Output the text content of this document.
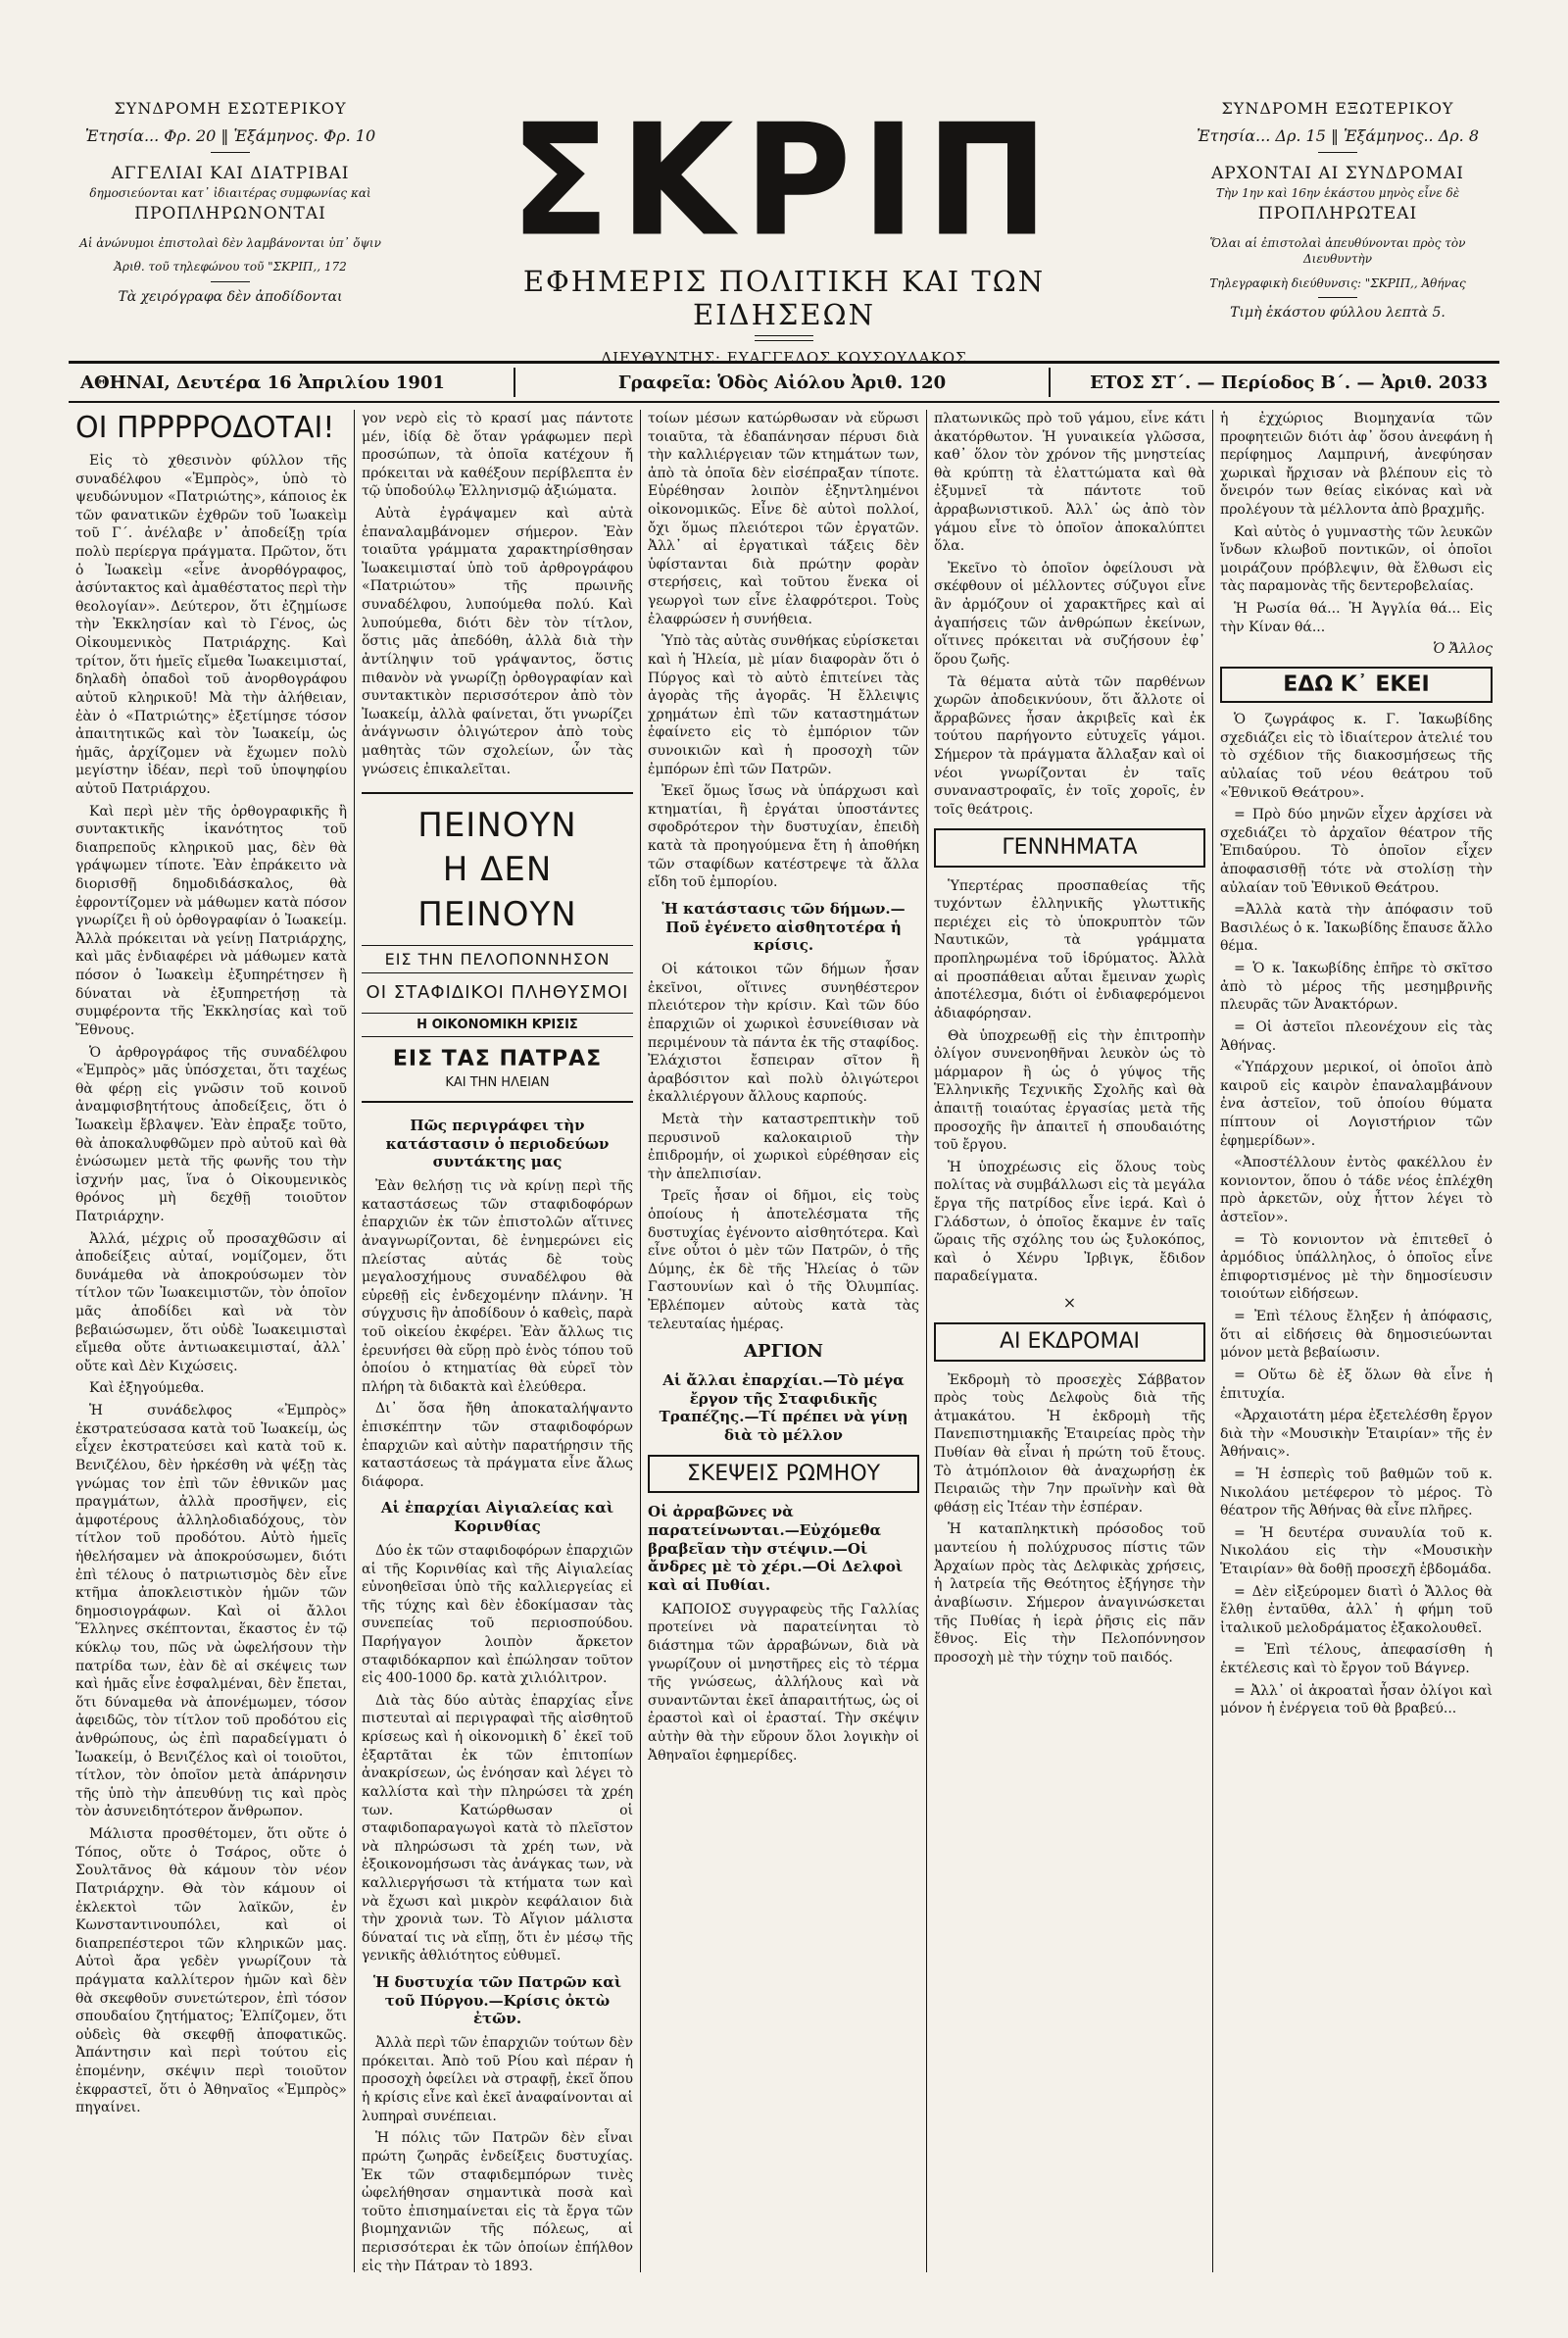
ΣΥΝΔΡΟΜΗ ΕΣΩΤΕΡΙΚΟΥ
Ἐτησία... Φρ. 20 ‖ Ἑξάμηνος. Φρ. 10
ΑΓΓΕΛΙΑΙ ΚΑΙ ΔΙΑΤΡΙΒΑΙ
δημοσιεύονται κατ᾽ ἰδιαιτέρας συμφωνίας καὶ
ΠΡΟΠΛΗΡΩΝΟΝΤΑΙ
Αἱ ἀνώνυμοι ἐπιστολαὶ δὲν λαμβάνονται ὑπ᾽ ὄψιν
Ἀριθ. τοῦ τηλεφώνου τοῦ "ΣΚΡΙΠ,, 172
Τὰ χειρόγραφα δὲν ἀποδίδονται
ΣΚΡΙΠ
ΕΦΗΜΕΡΙΣ ΠΟΛΙΤΙΚΗ ΚΑΙ ΤΩΝ ΕΙΔΗΣΕΩΝ
ΔΙΕΥΘΥΝΤΗΣ: ΕΥΑΓΓΕΛΟΣ ΚΟΥΣΟΥΛΑΚΟΣ
ΣΥΝΔΡΟΜΗ ΕΞΩΤΕΡΙΚΟΥ
Ἐτησία... Δρ. 15 ‖ Ἑξάμηνος.. Δρ. 8
ΑΡΧΟΝΤΑΙ ΑΙ ΣΥΝΔΡΟΜΑΙ
Τὴν 1ην καὶ 16ην ἑκάστου μηνὸς εἶνε δὲ
ΠΡΟΠΛΗΡΩΤΕΑΙ
Ὅλαι αἱ ἐπιστολαὶ ἀπευθύνονται πρὸς τὸν Διευθυντὴν
Τηλεγραφικὴ διεύθυνσις: "ΣΚΡΙΠ,, Ἀθήνας
Τιμὴ ἑκάστου φύλλου λεπτὰ 5.
ΑΘΗΝΑΙ, Δευτέρα 16 Ἀπριλίου 1901	Γραφεῖα: Ὁδὸς Αἰόλου Ἀριθ. 120	ΕΤΟΣ ΣΤ΄. — Περίοδος Β΄. — Ἀριθ. 2033
ΟΙ ΠΡΡΡΡΟΔΟΤΑΙ!

Εἰς τὸ χθεσινὸν φύλλον τῆς συναδέλφου «Ἐμπρὸς», ὑπὸ τὸ ψευδώνυμον «Πατριώτης», κάποιος ἐκ τῶν φανατικῶν ἐχθρῶν τοῦ Ἰωακεὶμ τοῦ Γ΄. ἀνέλαβε ν᾽ ἀποδείξῃ τρία πολὺ περίεργα πράγματα. Πρῶτον, ὅτι ὁ Ἰωακεὶμ «εἶνε ἀνορθόγραφος, ἀσύντακτος καὶ ἀμαθέστατος περὶ τὴν θεολογίαν». Δεύτερον, ὅτι ἐζημίωσε τὴν Ἐκκλησίαν καὶ τὸ Γένος, ὡς Οἰκουμενικὸς Πατριάρχης. Καὶ τρίτον, ὅτι ἡμεῖς εἴμεθα Ἰωακειμισταί, δηλαδὴ ὀπαδοὶ τοῦ ἀνορθογράφου αὐτοῦ κληρικοῦ! Μὰ τὴν ἀλήθειαν, ἐὰν ὁ «Πατριώτης» ἐξετίμησε τόσον ἀπαιτητικῶς καὶ τὸν Ἰωακείμ, ὡς ἡμᾶς, ἀρχίζομεν νὰ ἔχωμεν πολὺ μεγίστην ἰδέαν, περὶ τοῦ ὑποψηφίου αὐτοῦ Πατριάρχου.

Καὶ περὶ μὲν τῆς ὀρθογραφικῆς ἢ συντακτικῆς ἱκανότητος τοῦ διαπρεποῦς κληρικοῦ μας, δὲν θὰ γράψωμεν τίποτε. Ἐὰν ἐπράκειτο νὰ διορισθῇ δημοδιδάσκαλος, θὰ ἐφροντίζομεν νὰ μάθωμεν κατὰ πόσον γνωρίζει ἢ οὐ ὀρθογραφίαν ὁ Ἰωακείμ. Ἀλλὰ πρόκειται νὰ γείνῃ Πατριάρχης, καὶ μᾶς ἐνδιαφέρει νὰ μάθωμεν κατὰ πόσον ὁ Ἰωακεὶμ ἐξυπηρέτησεν ἢ δύναται νὰ ἐξυπηρετήσῃ τὰ συμφέροντα τῆς Ἐκκλησίας καὶ τοῦ Ἔθνους.

Ὁ ἀρθρογράφος τῆς συναδέλφου «Ἐμπρὸς» μᾶς ὑπόσχεται, ὅτι ταχέως θὰ φέρῃ εἰς γνῶσιν τοῦ κοινοῦ ἀναμφισβητήτους ἀποδείξεις, ὅτι ὁ Ἰωακεὶμ ἔβλαψεν. Ἐὰν ἐπραξε τοῦτο, θὰ ἀποκαλυφθῶμεν πρὸ αὐτοῦ καὶ θὰ ἐνώσωμεν μετὰ τῆς φωνῆς του τὴν ἰσχνήν μας, ἵνα ὁ Οἰκουμενικὸς θρόνος μὴ δεχθῇ τοιοῦτον Πατριάρχην.

Ἀλλά, μέχρις οὗ προσαχθῶσιν αἱ ἀποδείξεις αὐταί, νομίζομεν, ὅτι δυνάμεθα νὰ ἀποκρούσωμεν τὸν τίτλον τῶν Ἰωακειμιστῶν, τὸν ὁποῖον μᾶς ἀποδίδει καὶ νὰ τὸν βεβαιώσωμεν, ὅτι οὐδὲ Ἰωακειμισταὶ εἴμεθα οὔτε ἀντιωακειμισταί, ἀλλ᾽ οὔτε καὶ Δὲν Κιχώσεις.

Καὶ ἐξηγούμεθα.

Ἡ συνάδελφος «Ἐμπρὸς» ἐκστρατεύσασα κατὰ τοῦ Ἰωακείμ, ὡς εἶχεν ἐκστρατεύσει καὶ κατὰ τοῦ κ. Βενιζέλου, δὲν ἠρκέσθη νὰ ψέξῃ τὰς γνώμας τον ἐπὶ τῶν ἐθνικῶν μας πραγμάτων, ἀλλὰ προσῆψεν, εἰς ἀμφοτέρους ἀλληλοδιαδόχους, τὸν τίτλον τοῦ προδότου. Αὐτὸ ἡμεῖς ἠθελήσαμεν νὰ ἀποκρούσωμεν, διότι ἐπὶ τέλους ὁ πατριωτισμὸς δὲν εἶνε κτῆμα ἀποκλειστικὸν ἡμῶν τῶν δημοσιογράφων. Καὶ οἱ ἄλλοι Ἕλληνες σκέπτονται, ἕκαστος ἐν τῷ κύκλῳ του, πῶς νὰ ὠφελήσουν τὴν πατρίδα των, ἐὰν δὲ αἱ σκέψεις των καὶ ἡμᾶς εἶνε ἐσφαλμέναι, δὲν ἔπεται, ὅτι δύναμεθα νὰ ἀπονέμωμεν, τόσον ἀφειδῶς, τὸν τίτλον τοῦ προδότου εἰς ἀνθρώπους, ὡς ἐπὶ παραδείγματι ὁ Ἰωακείμ, ὁ Βενιζέλος καὶ οἱ τοιοῦτοι, τίτλον, τὸν ὁποῖον μετὰ ἀπάρνησιν τῆς ὑπὸ τὴν ἀπευθύνῃ τις καὶ πρὸς τὸν ἀσυνειδητότερον ἄνθρωπον.

Μάλιστα προσθέτομεν, ὅτι οὔτε ὁ Τόπος, οὔτε ὁ Τσάρος, οὔτε ὁ Σουλτᾶνος θὰ κάμουν τὸν νέον Πατριάρχην. Θὰ τὸν κάμουν οἱ ἐκλεκτοὶ τῶν λαϊκῶν, ἐν Κωνσταντινουπόλει, καὶ οἱ διαπρεπέστεροι τῶν κληρικῶν μας. Αὐτοὶ ἄρα γεδὲν γνωρίζουν τὰ πράγματα καλλίτερον ἡμῶν καὶ δὲν θὰ σκεφθοῦν συνετώτερον, ἐπὶ τόσον σπουδαίου ζητήματος; Ἐλπίζομεν, ὅτι οὐδεὶς θὰ σκεφθῇ ἀποφατικῶς. Ἀπάντησιν καὶ περὶ τούτου εἰς ἐπομένην, σκέψιν περὶ τοιοῦτον ἐκφραστεῖ, ὅτι ὁ Ἀθηναῖος «Ἐμπρὸς» πηγαίνει.

γον νερὸ εἰς τὸ κρασί μας πάντοτε μέν, ἰδίᾳ δὲ ὅταν γράφωμεν περὶ προσώπων, τὰ ὁποῖα κατέχουν ἤ πρόκειται νὰ καθέξουν περίβλεπτα ἐν τῷ ὑποδούλῳ Ἑλληνισμῷ ἀξιώματα.

Αὐτὰ ἐγράψαμεν καὶ αὐτὰ ἐπαναλαμβάνομεν σήμερον. Ἐὰν τοιαῦτα γράμματα χαρακτηρίσθησαν Ἰωακειμισταί ὑπὸ τοῦ ἀρθρογράφου «Πατριώτου» τῆς πρωινῆς συναδέλφου, λυπούμεθα πολύ. Καὶ λυπούμεθα, διότι δὲν τὸν τίτλον, ὅστις μᾶς ἀπεδόθη, ἀλλὰ διὰ τὴν ἀντίληψιν τοῦ γράψαντος, ὅστις πιθανὸν νὰ γνωρίζῃ ὀρθογραφίαν καὶ συντακτικὸν περισσότερον ἀπὸ τὸν Ἰωακείμ, ἀλλὰ φαίνεται, ὅτι γνωρίζει ἀνάγνωσιν ὀλιγώτερον ἀπὸ τοὺς μαθητὰς τῶν σχολείων, ὧν τὰς γνώσεις ἐπικαλεῖται.

ΠΕΙΝΟΥΝ
Η ΔΕΝ ΠΕΙΝΟΥΝ
ΕΙΣ ΤΗΝ ΠΕΛΟΠΟΝΝΗΣΟΝ
ΟΙ ΣΤΑΦΙΔΙΚΟΙ ΠΛΗΘΥΣΜΟΙ
Η ΟΙΚΟΝΟΜΙΚΗ ΚΡΙΣΙΣ
ΕΙΣ ΤΑΣ ΠΑΤΡΑΣ
ΚΑΙ ΤΗΝ ΗΛΕΙΑΝ
Πῶς περιγράφει τὴν κατάστασιν ὁ περιοδεύων συντάκτης μας

Ἐὰν θελήσῃ τις νὰ κρίνῃ περὶ τῆς καταστάσεως τῶν σταφιδοφόρων ἐπαρχιῶν ἐκ τῶν ἐπιστολῶν αἵτινες ἀναγνωρίζονται, δὲ ἐνημερώνει εἰς πλείστας αὐτάς δὲ τοὺς μεγαλοσχήμους συναδέλφου θὰ εὑρεθῇ εἰς ἐνδεχομένην πλάνην. Ἡ σύγχυσις ἣν ἀποδίδουν ὁ καθεὶς, παρὰ τοῦ οἰκείου ἐκφέρει. Ἐὰν ἄλλως τις ἐρευνήσει θὰ εὕρῃ πρὸ ἑνὸς τόπου τοῦ ὁποίου ὁ κτηματίας θὰ εὑρεῖ τὸν πλήρη τὰ διδακτὰ καὶ ἐλεύθερα.

Δι᾽ ὅσα ἤθη ἀποκαταλήψαντο ἐπισκέπτην τῶν σταφιδοφόρων ἐπαρχιῶν καὶ αὐτὴν παρατήρησιν τῆς καταστάσεως τὰ πράγματα εἶνε ἄλως διάφορα.

Αἱ ἐπαρχίαι Αἰγιαλείας καὶ Κορινθίας

Δύο ἐκ τῶν σταφιδοφόρων ἐπαρχιῶν αἱ τῆς Κορινθίας καὶ τῆς Αἰγιαλείας εὐνοηθεῖσαι ὑπὸ τῆς καλλιεργείας εἰ τῆς τύχης καὶ δὲν ἐδοκίμασαν τὰς συνεπείας τοῦ περιοσπούδου. Παρήγαγον λοιπὸν ἄρκετον σταφιδόκαρπον καὶ ἐπώλησαν τοῦτον εἰς 400-1000 δρ. κατὰ χιλιόλιτρον.

Διὰ τὰς δύο αὐτὰς ἐπαρχίας εἶνε πιστευταὶ αἱ περιγραφαὶ τῆς αἰσθητοῦ κρίσεως καὶ ἡ οἰκονομικὴ δ᾽ ἐκεῖ τοῦ ἐξαρτᾶται ἐκ τῶν ἐπιτοπίων ἀνακρίσεων, ὡς ἐνόησαν καὶ λέγει τὸ καλλίστα καὶ τὴν πληρώσει τὰ χρέη των. Κατώρθωσαν οἱ σταφιδοπαραγωγοὶ κατὰ τὸ πλεῖστον νὰ πληρώσωσι τὰ χρέη των, νὰ ἐξοικονομήσωσι τὰς ἀνάγκας των, νὰ καλλιεργήσωσι τὰ κτήματα των καὶ νὰ ἔχωσι καὶ μικρὸν κεφάλαιον διὰ τὴν χρονιὰ των. Τὸ Αἴγιον μάλιστα δύναταί τις νὰ εἴπῃ, ὅτι ἐν μέσῳ τῆς γενικῆς ἀθλιότητος εὐθυμεῖ.

Ἡ δυστυχία τῶν Πατρῶν καὶ τοῦ Πύργου.—Κρίσις ὀκτὼ ἐτῶν.

Ἀλλὰ περὶ τῶν ἐπαρχιῶν τούτων δὲν πρόκειται. Ἀπὸ τοῦ Ρίου καὶ πέραν ἡ προσοχὴ ὀφείλει νὰ στραφῇ, ἐκεῖ ὅπου ἡ κρίσις εἶνε καὶ ἐκεῖ ἀναφαίνονται αἱ λυπηραὶ συνέπειαι.

Ἡ πόλις τῶν Πατρῶν δὲν εἶναι πρώτη ζωηρᾶς ἐνδείξεις δυστυχίας. Ἐκ τῶν σταφιδεμπόρων τινὲς ὠφελήθησαν σημαντικὰ ποσὰ καὶ τοῦτο ἐπισημαίνεται εἰς τὰ ἔργα τῶν βιομηχανιῶν τῆς πόλεως, αἱ περισσότεραι ἐκ τῶν ὁποίων ἐπήλθον εἰς τὴν Πάτραν τὸ 1893.

τοίων μέσων κατώρθωσαν νὰ εὕρωσι τοιαῦτα, τὰ ἐδαπάνησαν πέρυσι διὰ τὴν καλλιέργειαν τῶν κτημάτων των, ἀπὸ τὰ ὁποῖα δὲν εἰσέπραξαν τίποτε. Εὑρέθησαν λοιπὸν ἐξηντλημένοι οἰκονομικῶς. Εἶνε δὲ αὐτοὶ πολλοί, ὄχι ὅμως πλειότεροι τῶν ἐργατῶν. Ἀλλ᾽ αἱ ἐργατικαὶ τάξεις δὲν ὑφίστανται διὰ πρώτην φορὰν στερήσεις, καὶ τοῦτου ἕνεκα οἱ γεωργοὶ των εἶνε ἐλαφρότεροι. Τοὺς ἐλαφρώσεν ἡ συνήθεια.

Ὑπὸ τὰς αὐτὰς συνθήκας εὑρίσκεται καὶ ἡ Ἠλεία, μὲ μίαν διαφορὰν ὅτι ὁ Πύργος καὶ τὸ αὐτὸ ἐπιτείνει τὰς ἀγορὰς τῆς ἀγορᾶς. Ἡ ἔλλειψις χρημάτων ἐπὶ τῶν καταστημάτων ἐφαίνετο εἰς τὸ ἐμπόριον τῶν συνοικιῶν καὶ ἡ προσοχὴ τῶν ἐμπόρων ἐπὶ τῶν Πατρῶν.

Ἐκεῖ ὅμως ἴσως νὰ ὑπάρχωσι καὶ κτηματίαι, ἢ ἐργάται ὑποστάντες σφοδρότερον τὴν δυστυχίαν, ἐπειδὴ κατὰ τὰ προηγούμενα ἔτη ἡ ἀποθήκη τῶν σταφίδων κατέστρεψε τὰ ἄλλα εἴδη τοῦ ἐμπορίου.

Ἡ κατάστασις τῶν δήμων.—Ποῦ ἐγένετο αἰσθητοτέρα ἡ κρίσις.

Οἱ κάτοικοι τῶν δήμων ἦσαν ἐκεῖνοι, οἵτινες συνηθέστερον πλειότερον τὴν κρίσιν. Καὶ τῶν δύο ἐπαρχιῶν οἱ χωρικοὶ ἐσυνείθισαν νὰ περιμένουν τὰ πάντα ἐκ τῆς σταφίδος. Ἐλάχιστοι ἔσπειραν σῖτον ἢ ἀραβόσιτον καὶ πολὺ ὀλιγώτεροι ἐκαλλιέργουν ἄλλους καρπούς.

Μετὰ τὴν καταστρεπτικὴν τοῦ περυσινοῦ καλοκαιριοῦ τὴν ἐπιδρομήν, οἱ χωρικοὶ εὑρέθησαν εἰς τὴν ἀπελπισίαν.

Τρεῖς ἦσαν οἱ δῆμοι, εἰς τοὺς ὁποίους ἡ ἀποτελέσματα τῆς δυστυχίας ἐγένοντο αἰσθητότερα. Καὶ εἶνε οὗτοι ὁ μὲν τῶν Πατρῶν, ὁ τῆς Δύμης, ἐκ δὲ τῆς Ἠλείας ὁ τῶν Γαστουνίων καὶ ὁ τῆς Ὀλυμπίας. Ἐβλέπομεν αὐτοὺς κατὰ τὰς τελευταίας ἡμέρας.

ΑΡΓΙΟΝ
Αἱ ἄλλαι ἐπαρχίαι.—Τὸ μέγα ἔργον τῆς Σταφιδικῆς Τραπέζης.—Τί πρέπει νὰ γίνῃ διὰ τὸ μέλλον
ΣΚΕΨΕΙΣ ΡΩΜΗΟΥ
Οἱ ἀρραβῶνες νὰ παρατείνωνται.—Εὐχόμεθα βραβεῖαν τὴν στέψιν.—Οἱ ἄνδρες μὲ τὸ χέρι.—Οἱ Δελφοὶ καὶ αἱ Πυθίαι.

ΚΑΠΟΙΟΣ συγγραφεὺς τῆς Γαλλίας προτείνει νὰ παρατείνηται τὸ διάστημα τῶν ἀρραβώνων, διὰ νὰ γνωρίζουν οἱ μνηστῆρες εἰς τὸ τέρμα τῆς γνώσεως, ἀλλήλους καὶ νὰ συναντῶνται ἐκεῖ ἀπαραιτήτως, ὡς οἱ ἐραστοὶ καὶ οἱ ἐρασταί. Τὴν σκέψιν αὐτὴν θὰ τὴν εὕρουν ὅλοι λογικὴν οἱ Ἀθηναῖοι ἐφημερίδες.

πλατωνικῶς πρὸ τοῦ γάμου, εἶνε κάτι ἀκατόρθωτον. Ἡ γυναικεία γλῶσσα, καθ᾽ ὅλον τὸν χρόνον τῆς μνηστείας θὰ κρύπτῃ τὰ ἐλαττώματα καὶ θὰ ἐξυμνεῖ τὰ πάντοτε τοῦ ἀρραβωνιστικοῦ. Ἀλλ᾽ ὡς ἀπὸ τὸν γάμου εἶνε τὸ ὁποῖον ἀποκαλύπτει ὅλα.

Ἐκεῖνο τὸ ὁποῖον ὀφείλουσι νὰ σκέφθουν οἱ μέλλοντες σύζυγοι εἶνε ἂν ἀρμόζουν οἱ χαρακτῆρες καὶ αἱ ἀγαπήσεις τῶν ἀνθρώπων ἐκείνων, οἵτινες πρόκειται νὰ συζήσουν ἐφ᾽ ὅρου ζωῆς.

Τὰ θέματα αὐτὰ τῶν παρθένων χωρῶν ἀποδεικνύουν, ὅτι ἄλλοτε οἱ ἄρραβῶνες ἦσαν ἀκριβεῖς καὶ ἐκ τούτου παρήγοντο εὐτυχεῖς γάμοι. Σήμερον τὰ πράγματα ἄλλαξαν καὶ οἱ νέοι γνωρίζονται ἐν ταῖς συναναστροφαῖς, ἐν τοῖς χοροῖς, ἐν τοῖς θεάτροις.

ΓΕΝΝΗΜΑΤΑ

Ὑπερτέρας προσπαθείας τῆς τυχόντων ἐλληνικῆς γλωττικῆς περιέχει εἰς τὸ ὑποκρυπτὸν τῶν Ναυτικῶν, τὰ γράμματα προπληρωμένα τοῦ ἱδρύματος. Ἀλλὰ αἱ προσπάθειαι αὗται ἔμειναν χωρὶς ἀποτέλεσμα, διότι οἱ ἐνδιαφερόμενοι ἀδιαφόρησαν.

Θὰ ὑποχρεωθῇ εἰς τὴν ἐπιτροπὴν ὀλίγον συνενοηθῆναι λευκὸν ὡς τὸ μάρμαρον ἢ ὡς ὁ γύψος τῆς Ἑλληνικῆς Τεχνικῆς Σχολῆς καὶ θὰ ἀπαιτῇ τοιαύτας ἐργασίας μετὰ τῆς προσοχῆς ἣν ἀπαιτεῖ ἡ σπουδαιότης τοῦ ἔργου.

Ἡ ὑποχρέωσις εἰς ὅλους τοὺς πολίτας νὰ συμβάλλωσι εἰς τὰ μεγάλα ἔργα τῆς πατρίδος εἶνε ἱερά. Καὶ ὁ Γλάδστων, ὁ ὁποῖος ἔκαμνε ἐν ταῖς ὥραις τῆς σχόλης του ὡς ξυλοκόπος, καὶ ὁ Χένρυ Ἰρβιγκ, ἔδιδον παραδείγματα.

×
ΑΙ ΕΚΔΡΟΜΑΙ

Ἐκδρομὴ τὸ προσεχὲς Σάββατον πρὸς τοὺς Δελφοὺς διὰ τῆς ἀτμακάτου. Ἡ ἐκδρομὴ τῆς Πανεπιστημιακῆς Ἑταιρείας πρὸς τὴν Πυθίαν θὰ εἶναι ἡ πρώτη τοῦ ἔτους. Τὸ ἀτμόπλοιον θὰ ἀναχωρήσῃ ἐκ Πειραιῶς τὴν 7ην πρωϊνὴν καὶ θὰ φθάσῃ εἰς Ἰτέαν τὴν ἑσπέραν.

Ἡ καταπληκτικὴ πρόσοδος τοῦ μαντείου ἡ πολύχρυσος πίστις τῶν Ἀρχαίων πρὸς τὰς Δελφικὰς χρήσεις, ἡ λατρεία τῆς Θεότητος ἐξήγησε τὴν ἀναβίωσιν. Σήμερον ἀναγινώσκεται τῆς Πυθίας ἡ ἱερὰ ῥῆσις εἰς πᾶν ἔθνος. Εἰς τὴν Πελοπόννησον προσοχὴ μὲ τὴν τύχην τοῦ παιδός.

ἡ ἐχχώριος Βιομηχανία τῶν προφητειῶν διότι ἀφ᾽ ὅσου ἀνεφάνη ἡ περίφημος Λαμπρινή, ἀνεφύησαν χωρικαὶ ἤρχισαν νὰ βλέπουν εἰς τὸ ὄνειρόν των θείας εἰκόνας καὶ νὰ προλέγουν τὰ μέλλοντα ἀπὸ βραχμῆς.

Καὶ αὐτὸς ὁ γυμναστὴς τῶν λευκῶν ἴνδων κλωβοῦ ποντικῶν, οἱ ὁποῖοι μοιράζουν πρόβλεψιν, θὰ ἔλθωσι εἰς τὰς παραμονὰς τῆς δεντεροβελαίας.

Ἡ Ρωσία θά... Ἡ Ἀγγλία θά... Εἰς τὴν Κίναν θά...

Ὁ Ἄλλος
ΕΔΩ Κ᾽ ΕΚΕΙ

Ὁ ζωγράφος κ. Γ. Ἰακωβίδης σχεδιάζει εἰς τὸ ἰδιαίτερον ἀτελιέ του τὸ σχέδιον τῆς διακοσμήσεως τῆς αὐλαίας τοῦ νέου θεάτρου τοῦ «Ἐθνικοῦ Θεάτρου».

= Πρὸ δύο μηνῶν εἶχεν ἀρχίσει νὰ σχεδιάζει τὸ ἀρχαῖον θέατρον τῆς Ἐπιδαύρου. Τὸ ὁποῖον εἶχεν ἀποφασισθῇ τότε νὰ στολίσῃ τὴν αὐλαίαν τοῦ Ἐθνικοῦ Θεάτρου.

=Ἀλλὰ κατὰ τὴν ἀπόφασιν τοῦ Βασιλέως ὁ κ. Ἰακωβίδης ἔπαυσε ἄλλο θέμα.

= Ὁ κ. Ἰακωβίδης ἐπῆρε τὸ σκῖτσο ἀπὸ τὸ μέρος τῆς μεσημβρινῆς πλευρᾶς τῶν Ἀνακτόρων.

= Οἱ ἀστεῖοι πλεονέχουν εἰς τὰς Ἀθήνας.

«Ὑπάρχουν μερικοί, οἱ ὁποῖοι ἀπὸ καιροῦ εἰς καιρὸν ἐπαναλαμβάνουν ἐνα ἀστεῖον, τοῦ ὁποίου θύματα πίπτουν οἱ Λογιστήριον τῶν ἐφημερίδων».

«Ἀποστέλλουν ἐντὸς φακέλλου ἐν κονιοντον, ὅπου ὁ τάδε νέος ἐπλέχθη πρὸ ἀρκετῶν, οὐχ ἦττον λέγει τὸ ἀστεῖον».

= Τὸ κονιοντον νὰ ἐπιτεθεῖ ὁ ἀρμόδιος ὑπάλληλος, ὁ ὁποῖος εἶνε ἐπιφορτισμένος μὲ τὴν δημοσίευσιν τοιούτων εἰδήσεων.

= Ἐπὶ τέλους ἔληξεν ἡ ἀπόφασις, ὅτι αἱ εἰδήσεις θὰ δημοσιεύωνται μόνον μετὰ βεβαίωσιν.

= Οὕτω δὲ ἐξ ὅλων θὰ εἶνε ἡ ἐπιτυχία.

«Ἀρχαιοτάτη μέρα ἐξετελέσθη ἔργον διὰ τὴν «Μουσικὴν Ἑταιρίαν» τῆς ἐν Ἀθήναις».

= Ἡ ἑσπερὶς τοῦ βαθμῶν τοῦ κ. Νικολάου μετέφερον τὸ μέρος. Τὸ θέατρον τῆς Ἀθήνας θὰ εἶνε πλῆρες.

= Ἡ δευτέρα συναυλία τοῦ κ. Νικολάου εἰς τὴν «Μουσικὴν Ἑταιρίαν» θὰ δοθῇ προσεχῆ ἑβδομάδα.

= Δὲν εἰξεύρομεν διατὶ ὁ Ἄλλος θὰ ἔλθῃ ἐνταῦθα, ἀλλ᾽ ἡ φήμη τοῦ ἰταλικοῦ μελοδράματος ἐξακολουθεῖ.

= Ἐπὶ τέλους, ἀπεφασίσθη ἡ ἐκτέλεσις καὶ τὸ ἔργον τοῦ Βάγνερ.

= Ἀλλ᾽ οἱ ἀκροαταὶ ἦσαν ὀλίγοι καὶ μόνον ἡ ἐνέργεια τοῦ θὰ βραβεύ...
